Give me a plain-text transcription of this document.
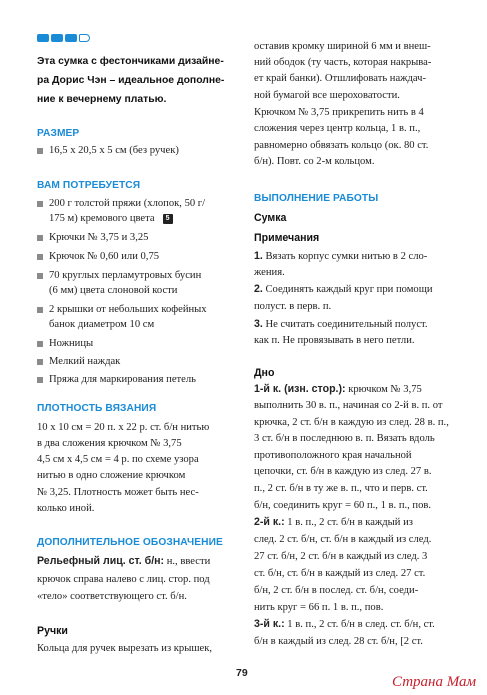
Эта сумка с фестончиками дизайне-
ра Дорис Чэн – идеальное дополне-
ние к вечернему платью.
РАЗМЕР
16,5 х 20,5 х 5 см (без ручек)
ВАМ ПОТРЕБУЕТСЯ
200 г толстой пряжи (хлопок, 50 г/
175 м) кремового цвета 5
Крючки № 3,75 и 3,25
Крючок № 0,60 или 0,75
70 круглых перламутровых бусин
(6 мм) цвета слоновой кости
2 крышки от небольших кофейных
банок диаметром 10 см
Ножницы
Мелкий наждак
Пряжа для маркирования петель
ПЛОТНОСТЬ ВЯЗАНИЯ
10 х 10 см = 20 п. х 22 р. ст. б/н нитью
в два сложения крючком № 3,75
4,5 см х 4,5 см = 4 р. по схеме узора
нитью в одно сложение крючком
№ 3,25. Плотность может быть нес-
колько иной.
ДОПОЛНИТЕЛЬНОЕ ОБОЗНАЧЕНИЕ
Рельефный лиц. ст. б/н: н., ввести
крючок справа налево с лиц. стор. под
«тело» соответствующего ст. б/н.
Ручки
Кольца для ручек вырезать из крышек,
оставив кромку шириной 6 мм и внеш-
ний ободок (ту часть, которая накрыва-
ет край банки). Отшлифовать наждач-
ной бумагой все шероховатости.
Крючком № 3,75 прикрепить нить в 4
сложения через центр кольца, 1 в. п.,
равномерно обвязать кольцо (ок. 80 ст.
б/н). Повт. со 2-м кольцом.
ВЫПОЛНЕНИЕ РАБОТЫ
Сумка
Примечания
1. Вязать корпус сумки нитью в 2 сло-
жения.
2. Соединять каждый круг при помощи
полуст. в перв. п.
3. Не считать соединительный полуст.
как п. Не провязывать в него петли.
Дно
1-й к. (изн. стор.): крючком № 3,75
выполнить 30 в. п., начиная со 2-й в. п. от
крючка, 2 ст. б/н в каждую из след. 28 в. п.,
3 ст. б/н в последнюю в. п. Вязать вдоль
противоположного края начальной
цепочки, ст. б/н в каждую из след. 27 в.
п., 2 ст. б/н в ту же в. п., что и перв. ст.
б/н, соединить круг = 60 п., 1 в. п., пов.
2-й к.: 1 в. п., 2 ст. б/н в каждый из
след. 2 ст. б/н, ст. б/н в каждый из след.
27 ст. б/н, 2 ст. б/н в каждый из след. 3
ст. б/н, ст. б/н в каждый из след. 27 ст.
б/н, 2 ст. б/н в послед. ст. б/н, соеди-
нить круг = 66 п. 1 в. п., пов.
3-й к.: 1 в. п., 2 ст. б/н в след. ст. б/н, ст.
б/н в каждый из след. 28 ст. б/н, [2 ст.
79
Страна Мам
